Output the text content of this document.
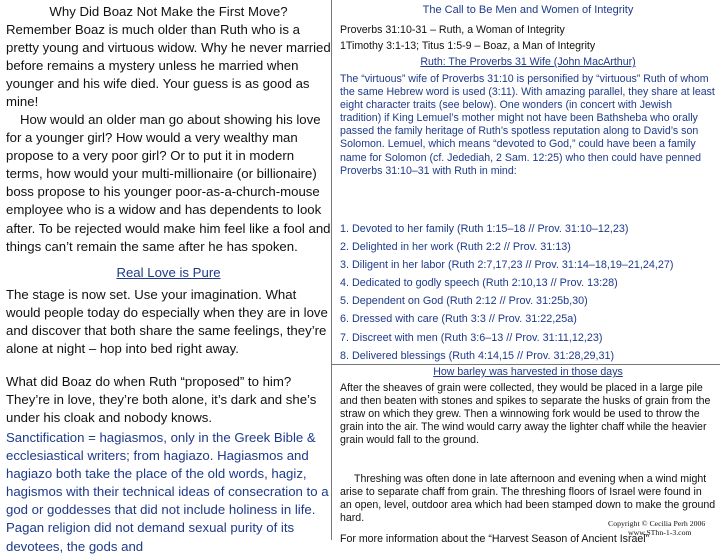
Why Did Boaz Not Make the First Move?

Remember Boaz is much older than Ruth who is a pretty young and virtuous widow. Why he never married before remains a mystery unless he married when younger and his wife died. Your guess is as good as mine!

How would an older man go about showing his love for a younger girl? How would a very wealthy man propose to a very poor girl? Or to put it in modern terms, how would your multi-millionaire (or billionaire) boss propose to his younger poor-as-a-church-mouse employee who is a widow and has dependents to look after. To be rejected would make him feel like a fool and things can’t remain the same after he has spoken.

Real Love is Pure

The stage is now set. Use your imagination. What would people today do especially when they are in love and discover that both share the same feelings, they’re alone at night – hop into bed right away.

What did Boaz do when Ruth “proposed” to him? They’re in love, they’re both alone, it’s dark and she’s under his cloak and nobody knows.

Sanctification = hagiasmos, only in the Greek Bible & ecclesiastical writers; from hagiazo. Hagiasmos and hagiazo both take the place of the old words, hagiz, hagismos with their technical ideas of consecration to a god or goddesses that did not include holiness in life. Pagan religion did not demand sexual purity of its devotees, the gods and

The Call to Be Men and Women of Integrity

Proverbs 31:10-31 – Ruth, a Woman of Integrity

1Timothy 3:1-13; Titus 1:5-9 – Boaz, a Man of Integrity

Ruth: The Proverbs 31 Wife (John MacArthur)

The “virtuous” wife of Proverbs 31:10 is personified by “virtuous” Ruth of whom the same Hebrew word is used (3:11). With amazing parallel, they share at least eight character traits (see below). One wonders (in concert with Jewish tradition) if King Lemuel’s mother might not have been Bathsheba who orally passed the family heritage of Ruth’s spotless reputation along to David’s son Solomon. Lemuel, which means “devoted to God,” could have been a family name for Solomon (cf. Jedediah, 2 Sam. 12:25) who then could have penned Proverbs 31:10–31 with Ruth in mind:

1. Devoted to her family (Ruth 1:15–18 // Prov. 31:10–12,23)
2. Delighted in her work (Ruth 2:2 // Prov. 31:13)
3. Diligent in her labor (Ruth 2:7,17,23 // Prov. 31:14–18,19–21,24,27)
4. Dedicated to godly speech (Ruth 2:10,13 // Prov. 13:28)
5. Dependent on God (Ruth 2:12 // Prov. 31:25b,30)
6. Dressed with care (Ruth 3:3 // Prov. 31:22,25a)
7. Discreet with men (Ruth 3:6–13 // Prov. 31:11,12,23)
8. Delivered blessings (Ruth 4:14,15 // Prov. 31:28,29,31)

How barley was harvested in those days

After the sheaves of grain were collected, they would be placed in a large pile and then beaten with stones and spikes to separate the husks of grain from the straw on which they grew. Then a winnowing fork would be used to throw the grain into the air. The wind would carry away the lighter chaff while the heavier grain would fall to the ground.

Threshing was often done in late afternoon and evening when a wind might arise to separate chaff from grain. The threshing floors of Israel were found in an open, level, outdoor area which had been stamped down to make the ground hard.

For more information about the “Harvest Season of Ancient Israel”

Copyright © Cecilia Perh 2006
www.SThn-1-3.com
